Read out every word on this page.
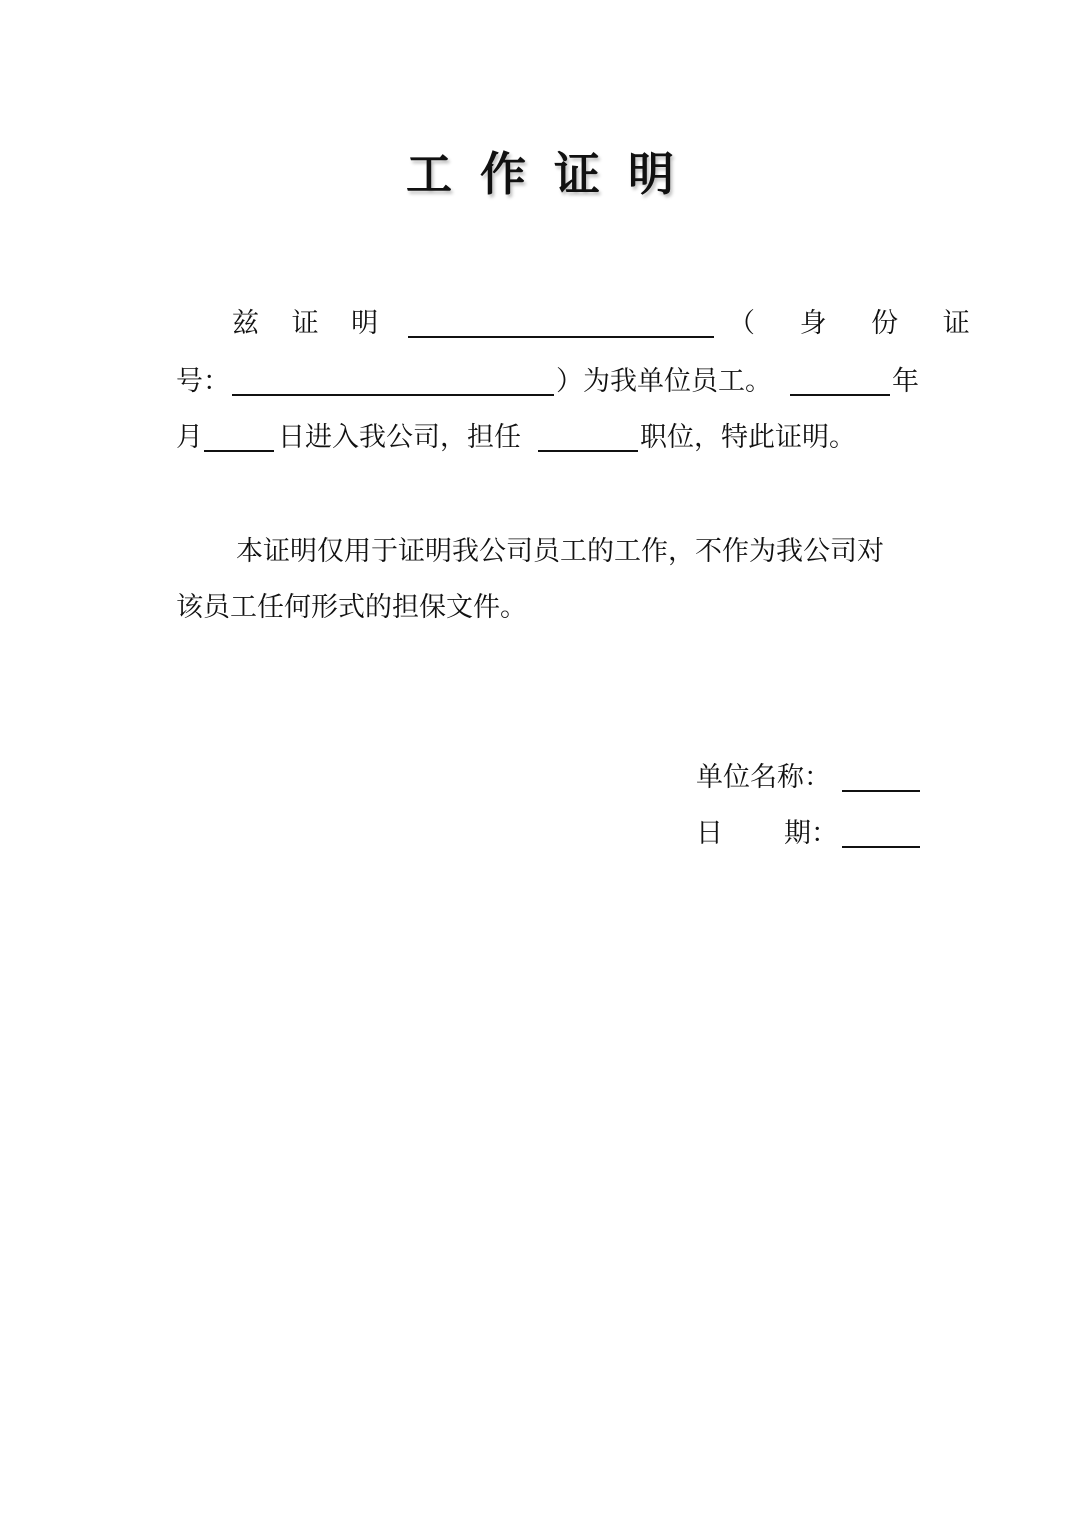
工 作 证 明
兹 证 明	（ 身 份 证
号：	）为我单位员工。	年
月	日进入我公司，担任	职位，特此证明。
本证明仅用于证明我公司员工的工作，不作为我公司对
该员工任何形式的担保文件。
单位名称：
日 期：
